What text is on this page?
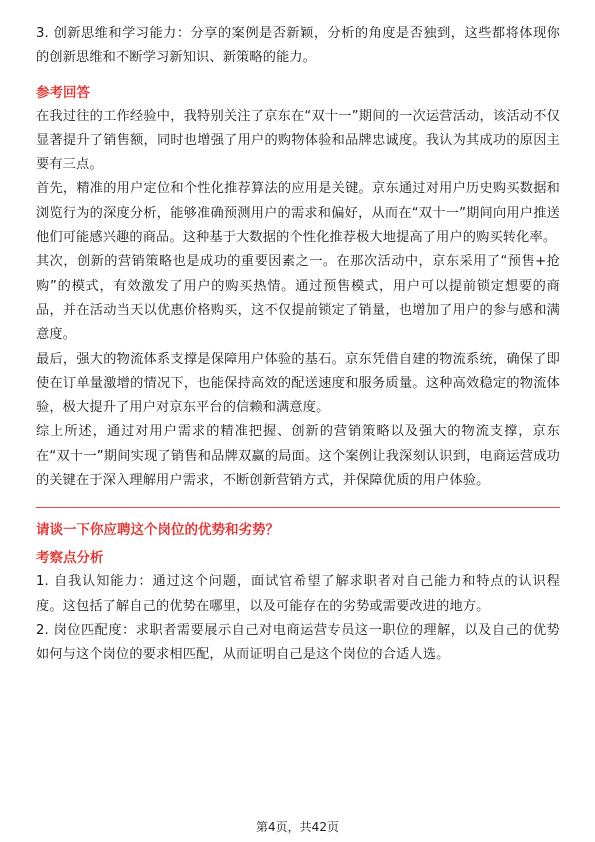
3. 创新思维和学习能力：分享的案例是否新颖，分析的角度是否独到，这些都将体现你的创新思维和不断学习新知识、新策略的能力。

参考回答

在我过往的工作经验中，我特别关注了京东在“双十一”期间的一次运营活动，该活动不仅显著提升了销售额，同时也增强了用户的购物体验和品牌忠诚度。我认为其成功的原因主要有三点。

首先，精准的用户定位和个性化推荐算法的应用是关键。京东通过对用户历史购买数据和浏览行为的深度分析，能够准确预测用户的需求和偏好，从而在“双十一”期间向用户推送他们可能感兴趣的商品。这种基于大数据的个性化推荐极大地提高了用户的购买转化率。

其次，创新的营销策略也是成功的重要因素之一。在那次活动中，京东采用了“预售+抢购”的模式，有效激发了用户的购买热情。通过预售模式，用户可以提前锁定想要的商品，并在活动当天以优惠价格购买，这不仅提前锁定了销量，也增加了用户的参与感和满意度。

最后，强大的物流体系支撑是保障用户体验的基石。京东凭借自建的物流系统，确保了即使在订单量激增的情况下，也能保持高效的配送速度和服务质量。这种高效稳定的物流体验，极大提升了用户对京东平台的信赖和满意度。

综上所述，通过对用户需求的精准把握、创新的营销策略以及强大的物流支撑，京东在“双十一”期间实现了销售和品牌双赢的局面。这个案例让我深刻认识到，电商运营成功的关键在于深入理解用户需求，不断创新营销方式，并保障优质的用户体验。

请谈一下你应聘这个岗位的优势和劣势？

考察点分析

1. 自我认知能力：通过这个问题，面试官希望了解求职者对自己能力和特点的认识程度。这包括了解自己的优势在哪里，以及可能存在的劣势或需要改进的地方。

2. 岗位匹配度：求职者需要展示自己对电商运营专员这一职位的理解，以及自己的优势如何与这个岗位的要求相匹配，从而证明自己是这个岗位的合适人选。

第4页，共42页
